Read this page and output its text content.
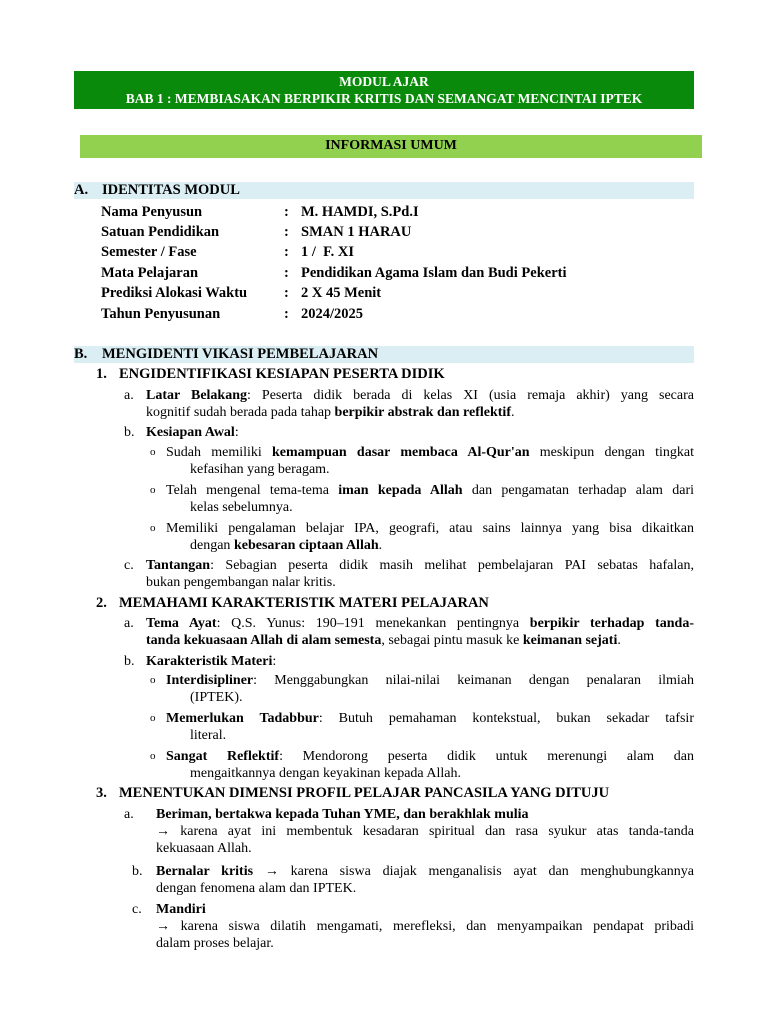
MODUL AJAR
BAB 1 : MEMBIASAKAN BERPIKIR KRITIS DAN SEMANGAT MENCINTAI IPTEK
INFORMASI UMUM
A. IDENTITAS MODUL
Nama Penyusun	: M. HAMDI, S.Pd.I
Satuan Pendidikan	: SMAN 1 HARAU
Semester / Fase	: 1 /  F. XI
Mata Pelajaran	: Pendidikan Agama Islam dan Budi Pekerti
Prediksi Alokasi Waktu	: 2 X 45 Menit
Tahun Penyusunan	: 2024/2025
B. MENGIDENTI VIKASI PEMBELAJARAN
1. ENGIDENTIFIKASI KESIAPAN PESERTA DIDIK
a. Latar Belakang: Peserta didik berada di kelas XI (usia remaja akhir) yang secara
kognitif sudah berada pada tahap berpikir abstrak dan reflektif.
b. Kesiapan Awal:
o Sudah memiliki kemampuan dasar membaca Al-Qur'an meskipun dengan tingkat
kefasihan yang beragam.
o Telah mengenal tema-tema iman kepada Allah dan pengamatan terhadap alam dari
kelas sebelumnya.
o Memiliki pengalaman belajar IPA, geografi, atau sains lainnya yang bisa dikaitkan
dengan kebesaran ciptaan Allah.
c. Tantangan: Sebagian peserta didik masih melihat pembelajaran PAI sebatas hafalan,
bukan pengembangan nalar kritis.
2. MEMAHAMI KARAKTERISTIK MATERI PELAJARAN
a. Tema Ayat: Q.S. Yunus: 190–191 menekankan pentingnya berpikir terhadap tanda-
tanda kekuasaan Allah di alam semesta, sebagai pintu masuk ke keimanan sejati.
b. Karakteristik Materi:
o Interdisipliner: Menggabungkan nilai-nilai keimanan dengan penalaran ilmiah
(IPTEK).
o Memerlukan Tadabbur: Butuh pemahaman kontekstual, bukan sekadar tafsir
literal.
o Sangat Reflektif: Mendorong peserta didik untuk merenungi alam dan
mengaitkannya dengan keyakinan kepada Allah.
3. MENENTUKAN DIMENSI PROFIL PELAJAR PANCASILA YANG DITUJU
a. Beriman, bertakwa kepada Tuhan YME, dan berakhlak mulia
→ karena ayat ini membentuk kesadaran spiritual dan rasa syukur atas tanda-tanda
kekuasaan Allah.
b. Bernalar kritis → karena siswa diajak menganalisis ayat dan menghubungkannya
dengan fenomena alam dan IPTEK.
c. Mandiri
→ karena siswa dilatih mengamati, merefleksi, dan menyampaikan pendapat pribadi
dalam proses belajar.
